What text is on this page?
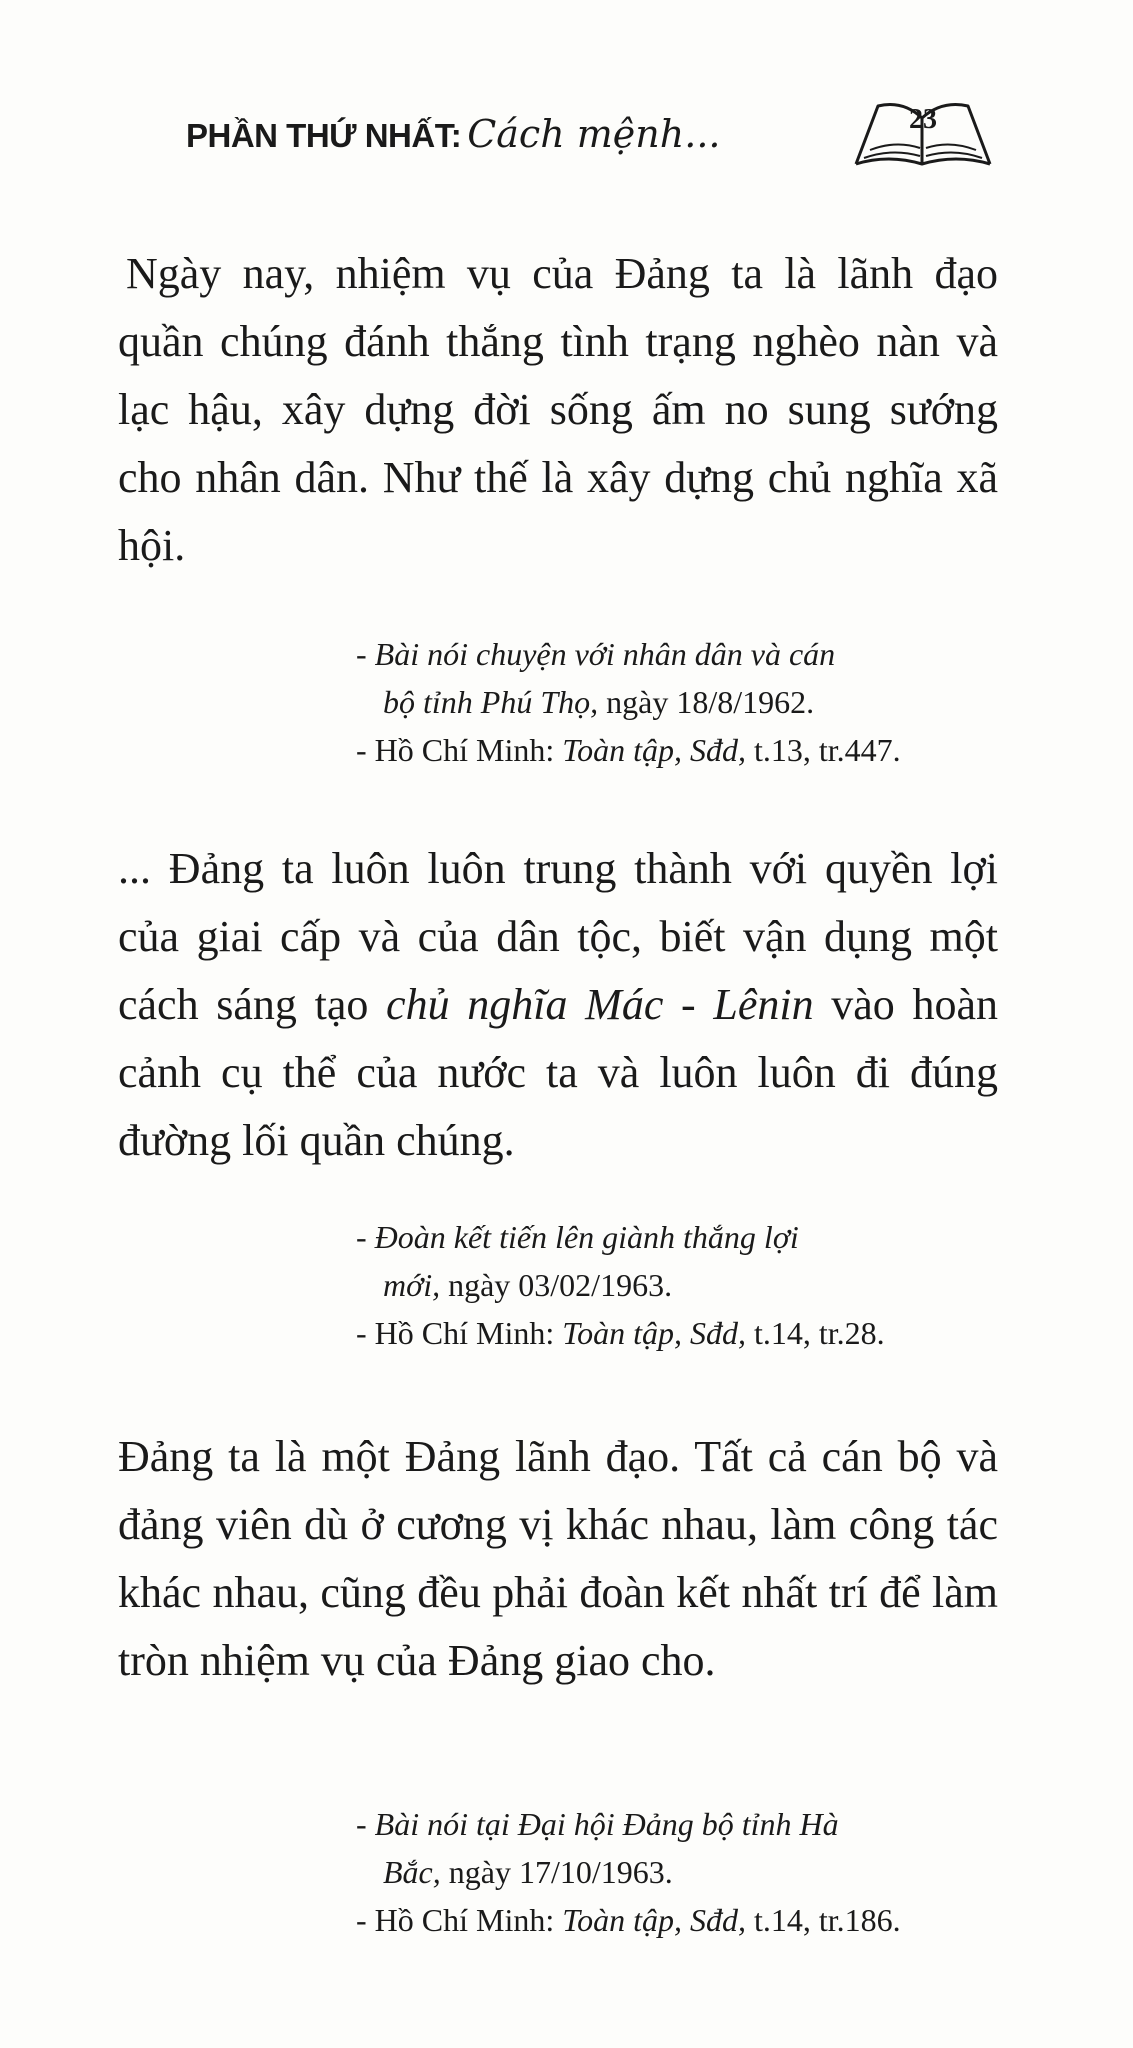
PHẦN THỨ NHẤT: Cách mệnh...	23

Ngày nay, nhiệm vụ của Đảng ta là lãnh đạo quần chúng đánh thắng tình trạng nghèo nàn và lạc hậu, xây dựng đời sống ấm no sung sướng cho nhân dân. Như thế là xây dựng chủ nghĩa xã hội.

- Bài nói chuyện với nhân dân và cán
bộ tỉnh Phú Thọ, ngày 18/8/1962.
- Hồ Chí Minh: Toàn tập, Sđd, t.13, tr.447.

... Đảng ta luôn luôn trung thành với quyền lợi của giai cấp và của dân tộc, biết vận dụng một cách sáng tạo chủ nghĩa Mác - Lênin vào hoàn cảnh cụ thể của nước ta và luôn luôn đi đúng đường lối quần chúng.

- Đoàn kết tiến lên giành thắng lợi
mới, ngày 03/02/1963.
- Hồ Chí Minh: Toàn tập, Sđd, t.14, tr.28.

Đảng ta là một Đảng lãnh đạo. Tất cả cán bộ và đảng viên dù ở cương vị khác nhau, làm công tác khác nhau, cũng đều phải đoàn kết nhất trí để làm tròn nhiệm vụ của Đảng giao cho.

- Bài nói tại Đại hội Đảng bộ tỉnh Hà
Bắc, ngày 17/10/1963.
- Hồ Chí Minh: Toàn tập, Sđd, t.14, tr.186.
